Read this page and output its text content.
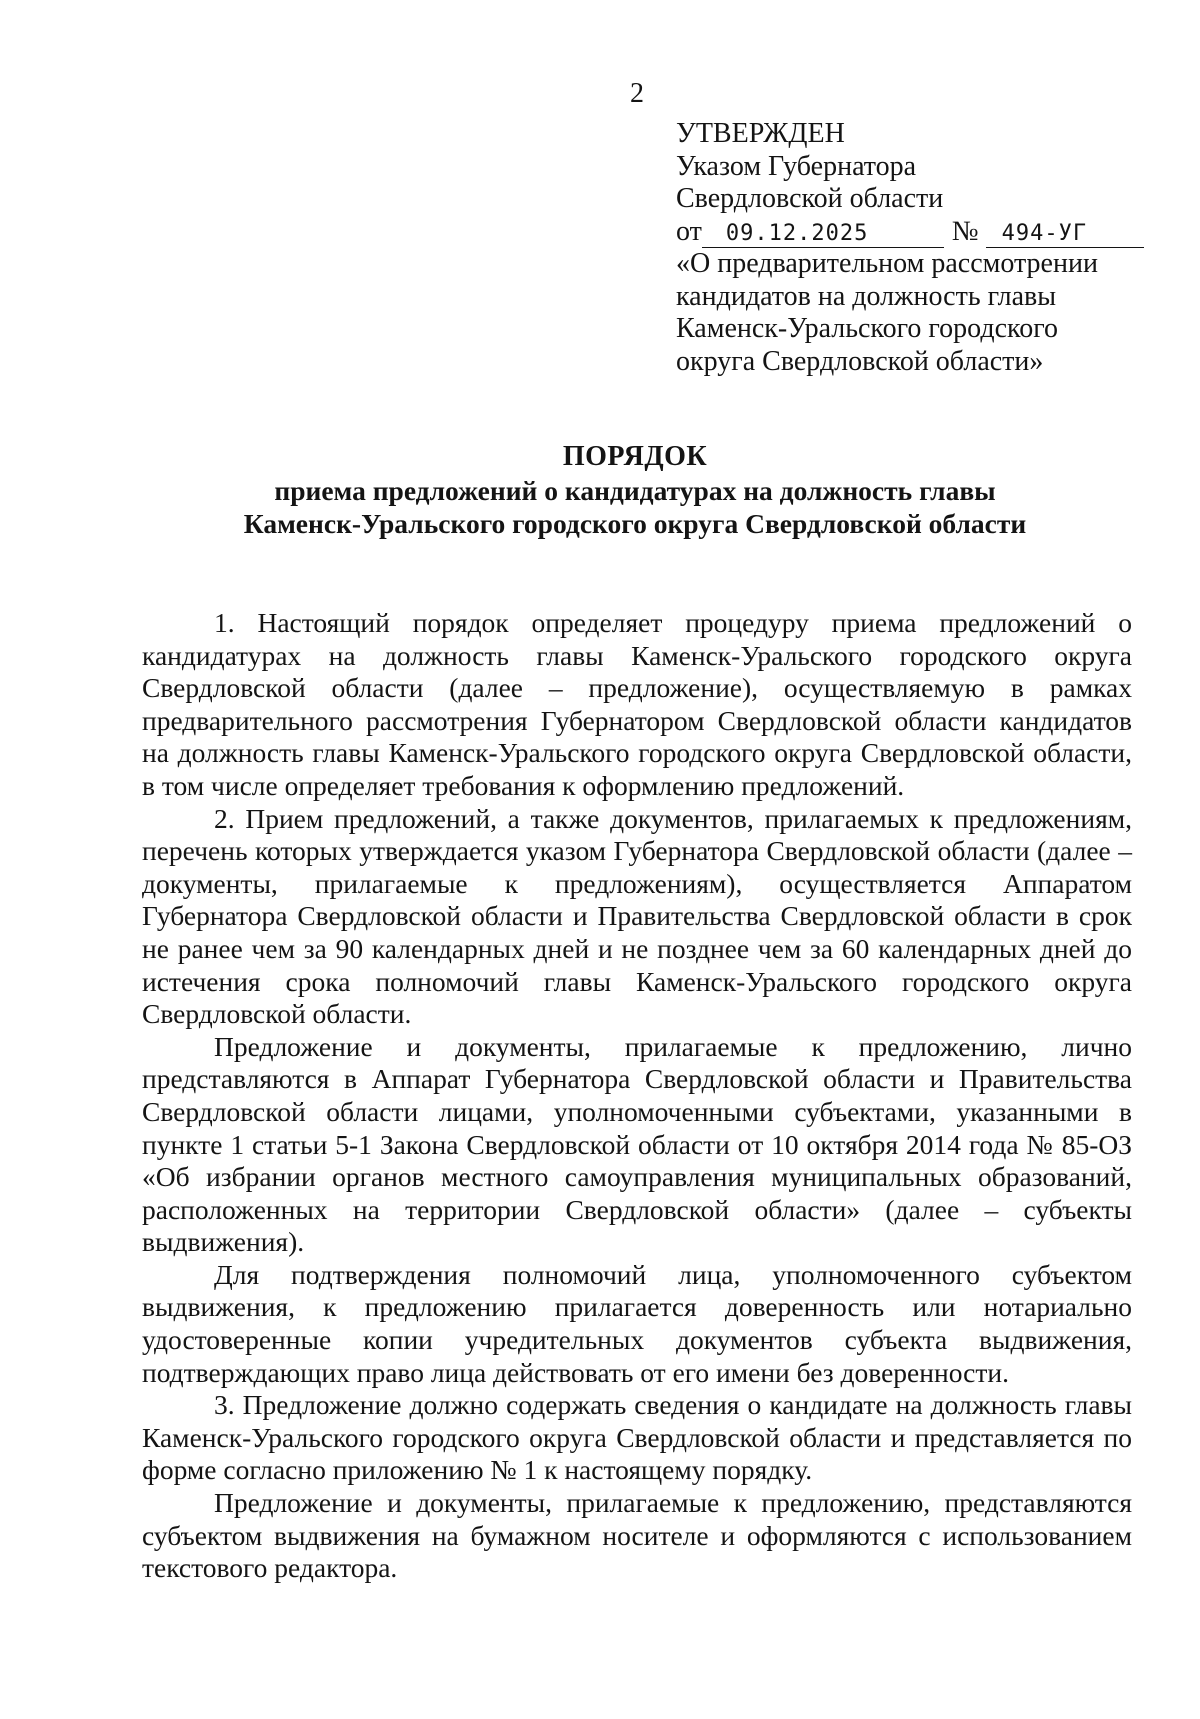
2
УТВЕРЖДЕН
Указом Губернатора
Свердловской области
от 09.12.2025	№ 494-УГ
«О предварительном рассмотрении
кандидатов на должность главы
Каменск-Уральского городского
округа Свердловской области»
ПОРЯДОК
приема предложений о кандидатурах на должность главы
Каменск-Уральского городского округа Свердловской области

1. Настоящий порядок определяет процедуру приема предложений о кандидатурах на должность главы Каменск-Уральского городского округа Свердловской области (далее – предложение), осуществляемую в рамках предварительного рассмотрения Губернатором Свердловской области кандидатов на должность главы Каменск-Уральского городского округа Свердловской области, в том числе определяет требования к оформлению предложений.

2. Прием предложений, а также документов, прилагаемых к предложениям, перечень которых утверждается указом Губернатора Свердловской области (далее – документы, прилагаемые к предложениям), осуществляется Аппаратом Губернатора Свердловской области и Правительства Свердловской области в срок не ранее чем за 90 календарных дней и не позднее чем за 60 календарных дней до истечения срока полномочий главы Каменск-Уральского городского округа Свердловской области.

Предложение и документы, прилагаемые к предложению, лично представляются в Аппарат Губернатора Свердловской области и Правительства Свердловской области лицами, уполномоченными субъектами, указанными в пункте 1 статьи 5-1 Закона Свердловской области от 10 октября 2014 года № 85-ОЗ «Об избрании органов местного самоуправления муниципальных образований, расположенных на территории Свердловской области» (далее – субъекты выдвижения).

Для подтверждения полномочий лица, уполномоченного субъектом выдвижения, к предложению прилагается доверенность или нотариально удостоверенные копии учредительных документов субъекта выдвижения, подтверждающих право лица действовать от его имени без доверенности.

3. Предложение должно содержать сведения о кандидате на должность главы Каменск-Уральского городского округа Свердловской области и представляется по форме согласно приложению № 1 к настоящему порядку.

Предложение и документы, прилагаемые к предложению, представляются субъектом выдвижения на бумажном носителе и оформляются с использованием текстового редактора.
